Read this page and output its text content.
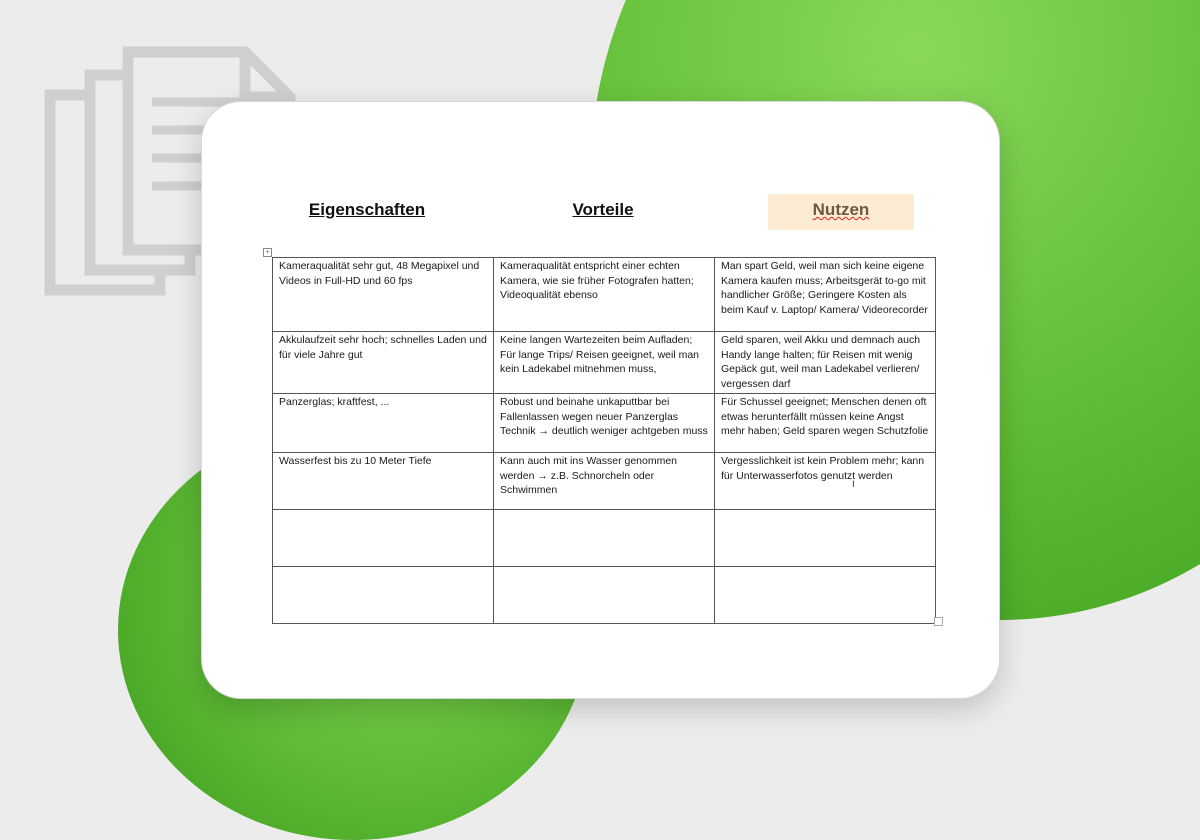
Eigenschaften	Vorteile	Nutzen
+
Kameraqualität sehr gut, 48 Megapixel und Videos in Full-HD und 60 fps	Kameraqualität entspricht einer echten Kamera, wie sie früher Fotografen hatten; Videoqualität ebenso	Man spart Geld, weil man sich keine eigene Kamera kaufen muss; Arbeitsgerät to-go mit handlicher Größe; Geringere Kosten als beim Kauf v. Laptop/ Kamera/ Videorecorder
Akkulaufzeit sehr hoch; schnelles Laden und für viele Jahre gut	Keine langen Wartezeiten beim Aufladen; Für lange Trips/ Reisen geeignet, weil man kein Ladekabel mitnehmen muss,	Geld sparen, weil Akku und demnach auch Handy lange halten; für Reisen mit wenig Gepäck gut, weil man Ladekabel verlieren/ vergessen darf
Panzerglas; kraftfest, ...	Robust und beinahe unkaputtbar bei Fallenlassen wegen neuer Panzerglas Technik → deutlich weniger achtgeben muss	Für Schussel geeignet; Menschen denen oft etwas herunterfällt müssen keine Angst mehr haben; Geld sparen wegen Schutzfolie
Wasserfest bis zu 10 Meter Tiefe	Kann auch mit ins Wasser genommen werden → z.B. Schnorcheln oder Schwimmen	Vergesslichkeit ist kein Problem mehr; kann für Unterwasserfotos genutzt werden

I
